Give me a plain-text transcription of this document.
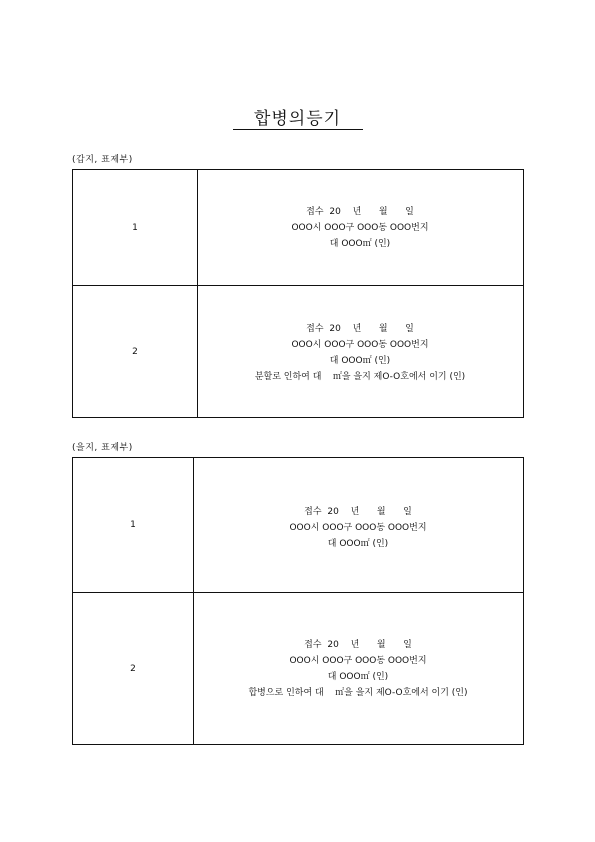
합병의등기
(갑지, 표제부)
1
접수 20  년   월   일
OOO시 OOO구 OOO동 OOO번지
대 OOO㎡ (인)
2
접수 20  년   월   일
OOO시 OOO구 OOO동 OOO번지
대 OOO㎡ (인)
분할로 인하여 대    ㎡을 을지 제O-O호에서 이기 (인)
(을지, 표제부)
1
접수 20  년   월   일
OOO시 OOO구 OOO동 OOO번지
대 OOO㎡ (인)
2
접수 20  년   월   일
OOO시 OOO구 OOO동 OOO번지
대 OOO㎡ (인)
합병으로 인하여 대    ㎡을 을지 제O-O호에서 이기 (인)
